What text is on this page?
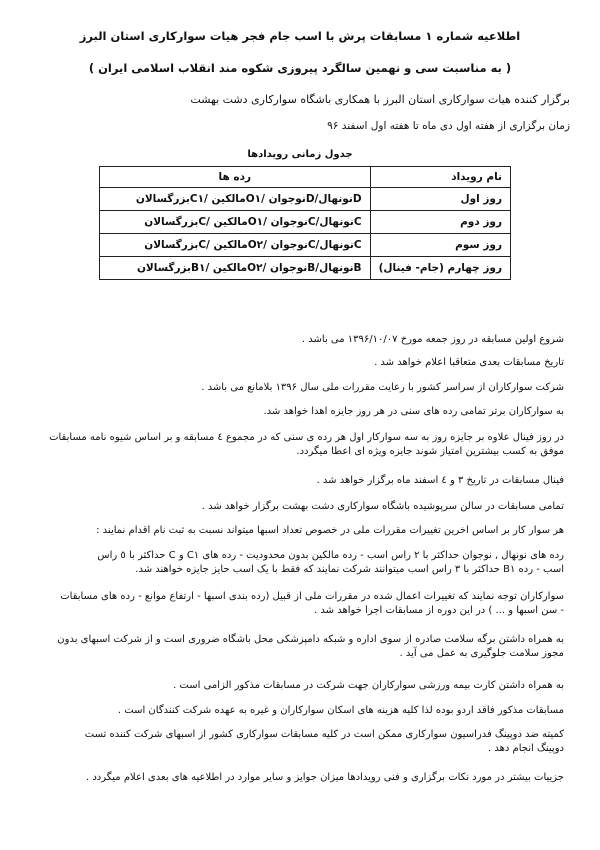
اطلاعیه شماره ۱ مسابقات پرش با اسب جام فجر هیات سوارکاری استان البرز
( به مناسبت سی و نهمین سالگرد پیروزی شکوه مند انقلاب اسلامی ایران )
برگزار کننده هیات سوارکاری استان البرز با همکاری باشگاه سوارکاری دشت بهشت
زمان برگزاری از هفته اول دی ماه تا هفته اول اسفند ۹۶
جدول زمانی رویدادها
نام رویداد	رده ها
روز اول	Dنونهال/Dنوجوان /O۱مالکین /C۱بزرگسالان
روز دوم	Cنونهال/Cنوجوان /O۱مالکین /Cبزرگسالان
روز سوم	Cنونهال/Cنوجوان /O۲مالکین /Cبزرگسالان
روز چهارم (جام- فینال)	Bنونهال/Bنوجوان /O۲مالکین /B۱بزرگسالان
شروع اولین مسابقه در روز جمعه مورخ ۱۳۹۶/۱۰/۰۷ می باشد .
تاریخ مسابقات بعدی متعاقبا اعلام خواهد شد .
شرکت سوارکاران از سراسر کشور با رعایت مقررات ملی سال ۱۳۹۶ بلامانع می باشد .
به سوارکاران برتر تمامی رده های سنی در هر روز جایزه اهدا خواهد شد.
در روز فینال علاوه بر جایزه روز به سه سوارکار اول هر رده ی سنی که در مجموع ٤ مسابقه و بر اساس شیوه نامه مسابقات
موفق به کسب بیشترین امتیاز شوند جایزه ویژه ای اعطا میگردد.
فینال مسابقات در تاریخ ۳ و ٤ اسفند ماه برگزار خواهد شد .
تمامی مسابقات در سالن سرپوشیده باشگاه سوارکاری دشت بهشت برگزار خواهد شد .
هر سوار کار بر اساس اخرین تغییرات مقررات ملی در خصوص تعداد اسبها میتواند نسبت به ثبت نام اقدام نمایند :
رده های نونهال , نوجوان حداکثر با ۲ راس اسب - رده مالکین بدون محدودیت - رده های C۱ و C حداکثر با ٥ راس
اسب - رده B۱ حداکثر با ۳ راس اسب میتوانند شرکت نمایند که فقط با یک اسب حایز جایزه خواهند شد.
سوارکاران توجه نمایند که تغییرات اعمال شده در مقررات ملی از قبیل (رده بندی اسبها - ارتفاع موانع - رده های مسابقات
- سن اسبها و ... ) در این دوره از مسابقات اجرا خواهد شد .
به همراه داشتن برگه سلامت صادره از سوی اداره و شبکه دامپزشکی محل باشگاه ضروری است و از شرکت اسبهای بدون
مجوز سلامت جلوگیری به عمل می آید .
به همراه داشتن کارت بیمه ورزشی سوارکاران جهت شرکت در مسابقات مذکور الزامی است .
مسابقات مذکور فاقد اردو بوده لذا کلیه هزینه های اسکان سوارکاران و غیره به عهده شرکت کنندگان است .
کمیته ضد دوپینگ فدراسیون سوارکاری ممکن است در کلیه مسابقات سوارکاری کشور از اسبهای شرکت کننده تست
دوپینگ انجام دهد .
جزییات بیشتر در مورد نکات برگزاری و فنی رویدادها میزان جوایز و سایر موارد در اطلاعیه های بعدی اعلام میگردد .
